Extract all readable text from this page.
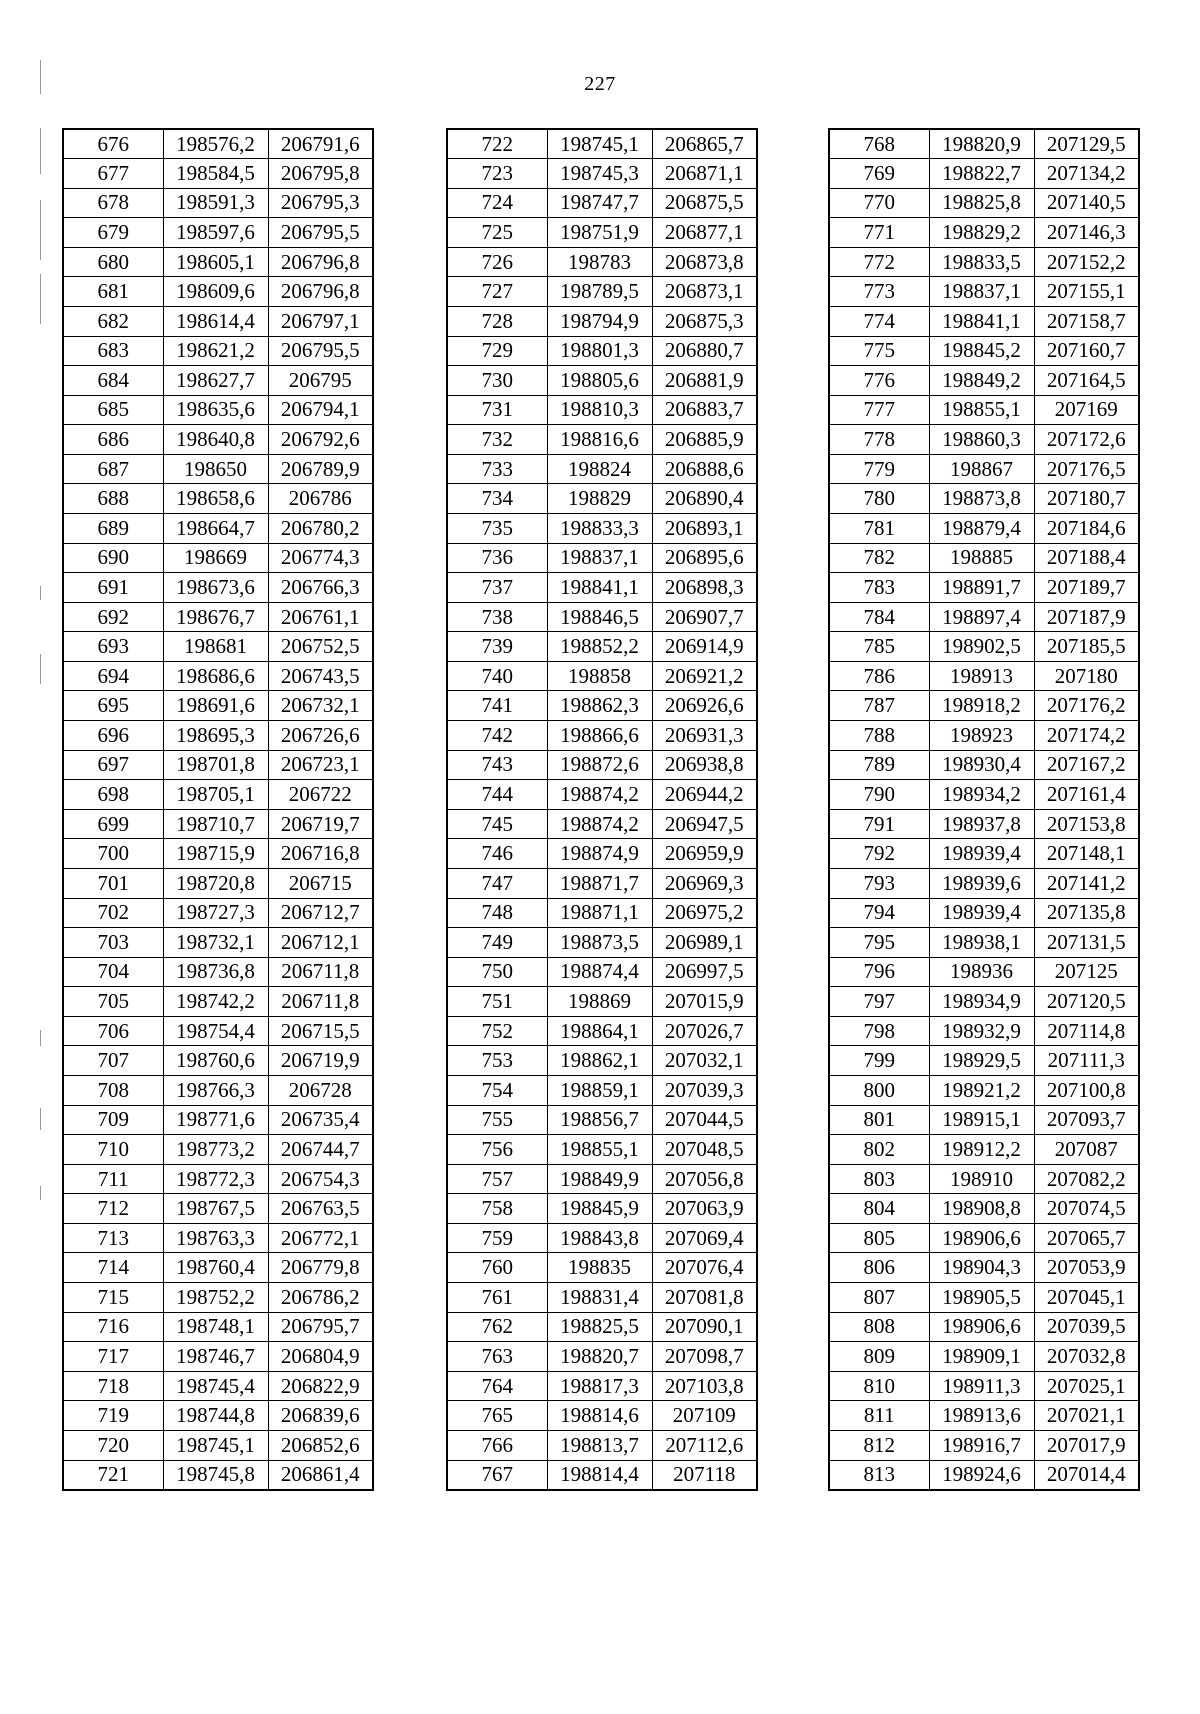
227
676	198576,2	206791,6
677	198584,5	206795,8
678	198591,3	206795,3
679	198597,6	206795,5
680	198605,1	206796,8
681	198609,6	206796,8
682	198614,4	206797,1
683	198621,2	206795,5
684	198627,7	206795
685	198635,6	206794,1
686	198640,8	206792,6
687	198650	206789,9
688	198658,6	206786
689	198664,7	206780,2
690	198669	206774,3
691	198673,6	206766,3
692	198676,7	206761,1
693	198681	206752,5
694	198686,6	206743,5
695	198691,6	206732,1
696	198695,3	206726,6
697	198701,8	206723,1
698	198705,1	206722
699	198710,7	206719,7
700	198715,9	206716,8
701	198720,8	206715
702	198727,3	206712,7
703	198732,1	206712,1
704	198736,8	206711,8
705	198742,2	206711,8
706	198754,4	206715,5
707	198760,6	206719,9
708	198766,3	206728
709	198771,6	206735,4
710	198773,2	206744,7
711	198772,3	206754,3
712	198767,5	206763,5
713	198763,3	206772,1
714	198760,4	206779,8
715	198752,2	206786,2
716	198748,1	206795,7
717	198746,7	206804,9
718	198745,4	206822,9
719	198744,8	206839,6
720	198745,1	206852,6
721	198745,8	206861,4
722	198745,1	206865,7
723	198745,3	206871,1
724	198747,7	206875,5
725	198751,9	206877,1
726	198783	206873,8
727	198789,5	206873,1
728	198794,9	206875,3
729	198801,3	206880,7
730	198805,6	206881,9
731	198810,3	206883,7
732	198816,6	206885,9
733	198824	206888,6
734	198829	206890,4
735	198833,3	206893,1
736	198837,1	206895,6
737	198841,1	206898,3
738	198846,5	206907,7
739	198852,2	206914,9
740	198858	206921,2
741	198862,3	206926,6
742	198866,6	206931,3
743	198872,6	206938,8
744	198874,2	206944,2
745	198874,2	206947,5
746	198874,9	206959,9
747	198871,7	206969,3
748	198871,1	206975,2
749	198873,5	206989,1
750	198874,4	206997,5
751	198869	207015,9
752	198864,1	207026,7
753	198862,1	207032,1
754	198859,1	207039,3
755	198856,7	207044,5
756	198855,1	207048,5
757	198849,9	207056,8
758	198845,9	207063,9
759	198843,8	207069,4
760	198835	207076,4
761	198831,4	207081,8
762	198825,5	207090,1
763	198820,7	207098,7
764	198817,3	207103,8
765	198814,6	207109
766	198813,7	207112,6
767	198814,4	207118
768	198820,9	207129,5
769	198822,7	207134,2
770	198825,8	207140,5
771	198829,2	207146,3
772	198833,5	207152,2
773	198837,1	207155,1
774	198841,1	207158,7
775	198845,2	207160,7
776	198849,2	207164,5
777	198855,1	207169
778	198860,3	207172,6
779	198867	207176,5
780	198873,8	207180,7
781	198879,4	207184,6
782	198885	207188,4
783	198891,7	207189,7
784	198897,4	207187,9
785	198902,5	207185,5
786	198913	207180
787	198918,2	207176,2
788	198923	207174,2
789	198930,4	207167,2
790	198934,2	207161,4
791	198937,8	207153,8
792	198939,4	207148,1
793	198939,6	207141,2
794	198939,4	207135,8
795	198938,1	207131,5
796	198936	207125
797	198934,9	207120,5
798	198932,9	207114,8
799	198929,5	207111,3
800	198921,2	207100,8
801	198915,1	207093,7
802	198912,2	207087
803	198910	207082,2
804	198908,8	207074,5
805	198906,6	207065,7
806	198904,3	207053,9
807	198905,5	207045,1
808	198906,6	207039,5
809	198909,1	207032,8
810	198911,3	207025,1
811	198913,6	207021,1
812	198916,7	207017,9
813	198924,6	207014,4
